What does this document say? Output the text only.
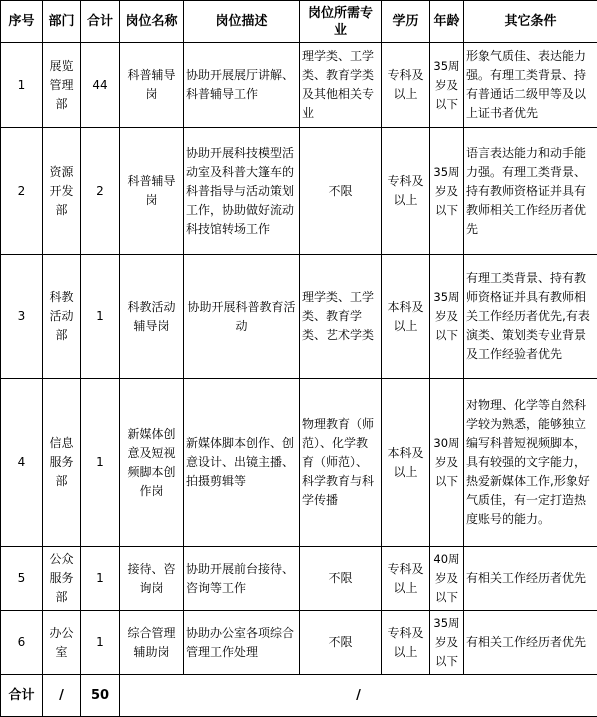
序号	部门	合计	岗位名称	岗位描述	岗位所需专业	学历	年龄	其它条件
1	展览管理部	44	科普辅导岗	协助开展展厅讲解、科普辅导工作	理学类、工学类、教育学类及其他相关专业	专科及以上	35周岁及以下	形象气质佳、表达能力强。有理工类背景、持有普通话二级甲等及以上证书者优先
2	资源开发部	2	科普辅导岗	协助开展科技模型活动室及科普大篷车的科普指导与活动策划工作，协助做好流动科技馆转场工作	不限	专科及以上	35周岁及以下	语言表达能力和动手能力强。有理工类背景、持有教师资格证并具有教师相关工作经历者优先
3	科教活动部	1	科教活动辅导岗	协助开展科普教育活动	理学类、工学类、教育学类、艺术学类	本科及以上	35周岁及以下	有理工类背景、持有教师资格证并具有教师相关工作经历者优先,有表演类、策划类专业背景及工作经验者优先
4	信息服务部	1	新媒体创意及短视频脚本创作岗	新媒体脚本创作、创意设计、出镜主播、拍摄剪辑等	物理教育（师范）、化学教育（师范）、科学教育与科学传播	本科及以上	30周岁及以下	对物理、化学等自然科学较为熟悉，能够独立编写科普短视频脚本，具有较强的文字能力，热爱新媒体工作,形象好气质佳，有一定打造热度账号的能力。
5	公众服务部	1	接待、咨询岗	协助开展前台接待、咨询等工作	不限	专科及以上	40周岁及以下	有相关工作经历者优先
6	办公室	1	综合管理辅助岗	协助办公室各项综合管理工作处理	不限	专科及以上	35周岁及以下	有相关工作经历者优先
合计	/	50	/					
